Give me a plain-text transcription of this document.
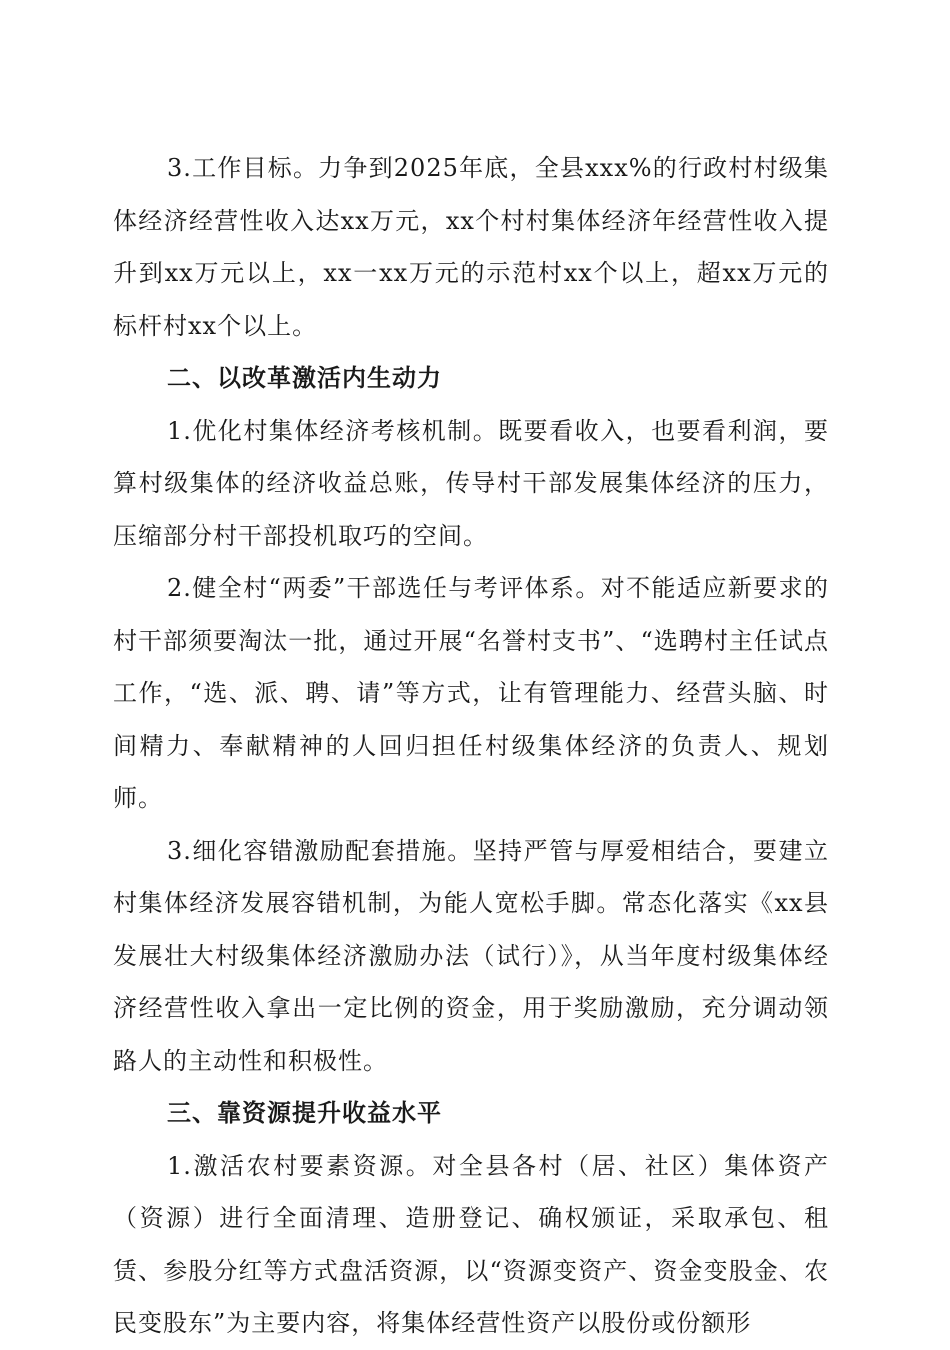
3.工作目标。力争到2025年底，全县xxx%的行政村村级集体经济经营性收入达xx万元，xx个村村集体经济年经营性收入提升到xx万元以上，xx一xx万元的示范村xx个以上，超xx万元的标杆村xx个以上。

二、以改革激活内生动力

1.优化村集体经济考核机制。既要看收入，也要看利润，要算村级集体的经济收益总账，传导村干部发展集体经济的压力，压缩部分村干部投机取巧的空间。

2.健全村“两委”干部选任与考评体系。对不能适应新要求的村干部须要淘汰一批，通过开展“名誉村支书”、“选聘村主任试点工作，“选、派、聘、请”等方式，让有管理能力、经营头脑、时间精力、奉献精神的人回归担任村级集体经济的负责人、规划师。

3.细化容错激励配套措施。坚持严管与厚爱相结合，要建立村集体经济发展容错机制，为能人宽松手脚。常态化落实《xx县发展壮大村级集体经济激励办法（试行）》，从当年度村级集体经济经营性收入拿出一定比例的资金，用于奖励激励，充分调动领路人的主动性和积极性。

三、靠资源提升收益水平

1.激活农村要素资源。对全县各村（居、社区）集体资产（资源）进行全面清理、造册登记、确权颁证，采取承包、租赁、参股分红等方式盘活资源，以“资源变资产、资金变股金、农民变股东”为主要内容，将集体经营性资产以股份或份额形
